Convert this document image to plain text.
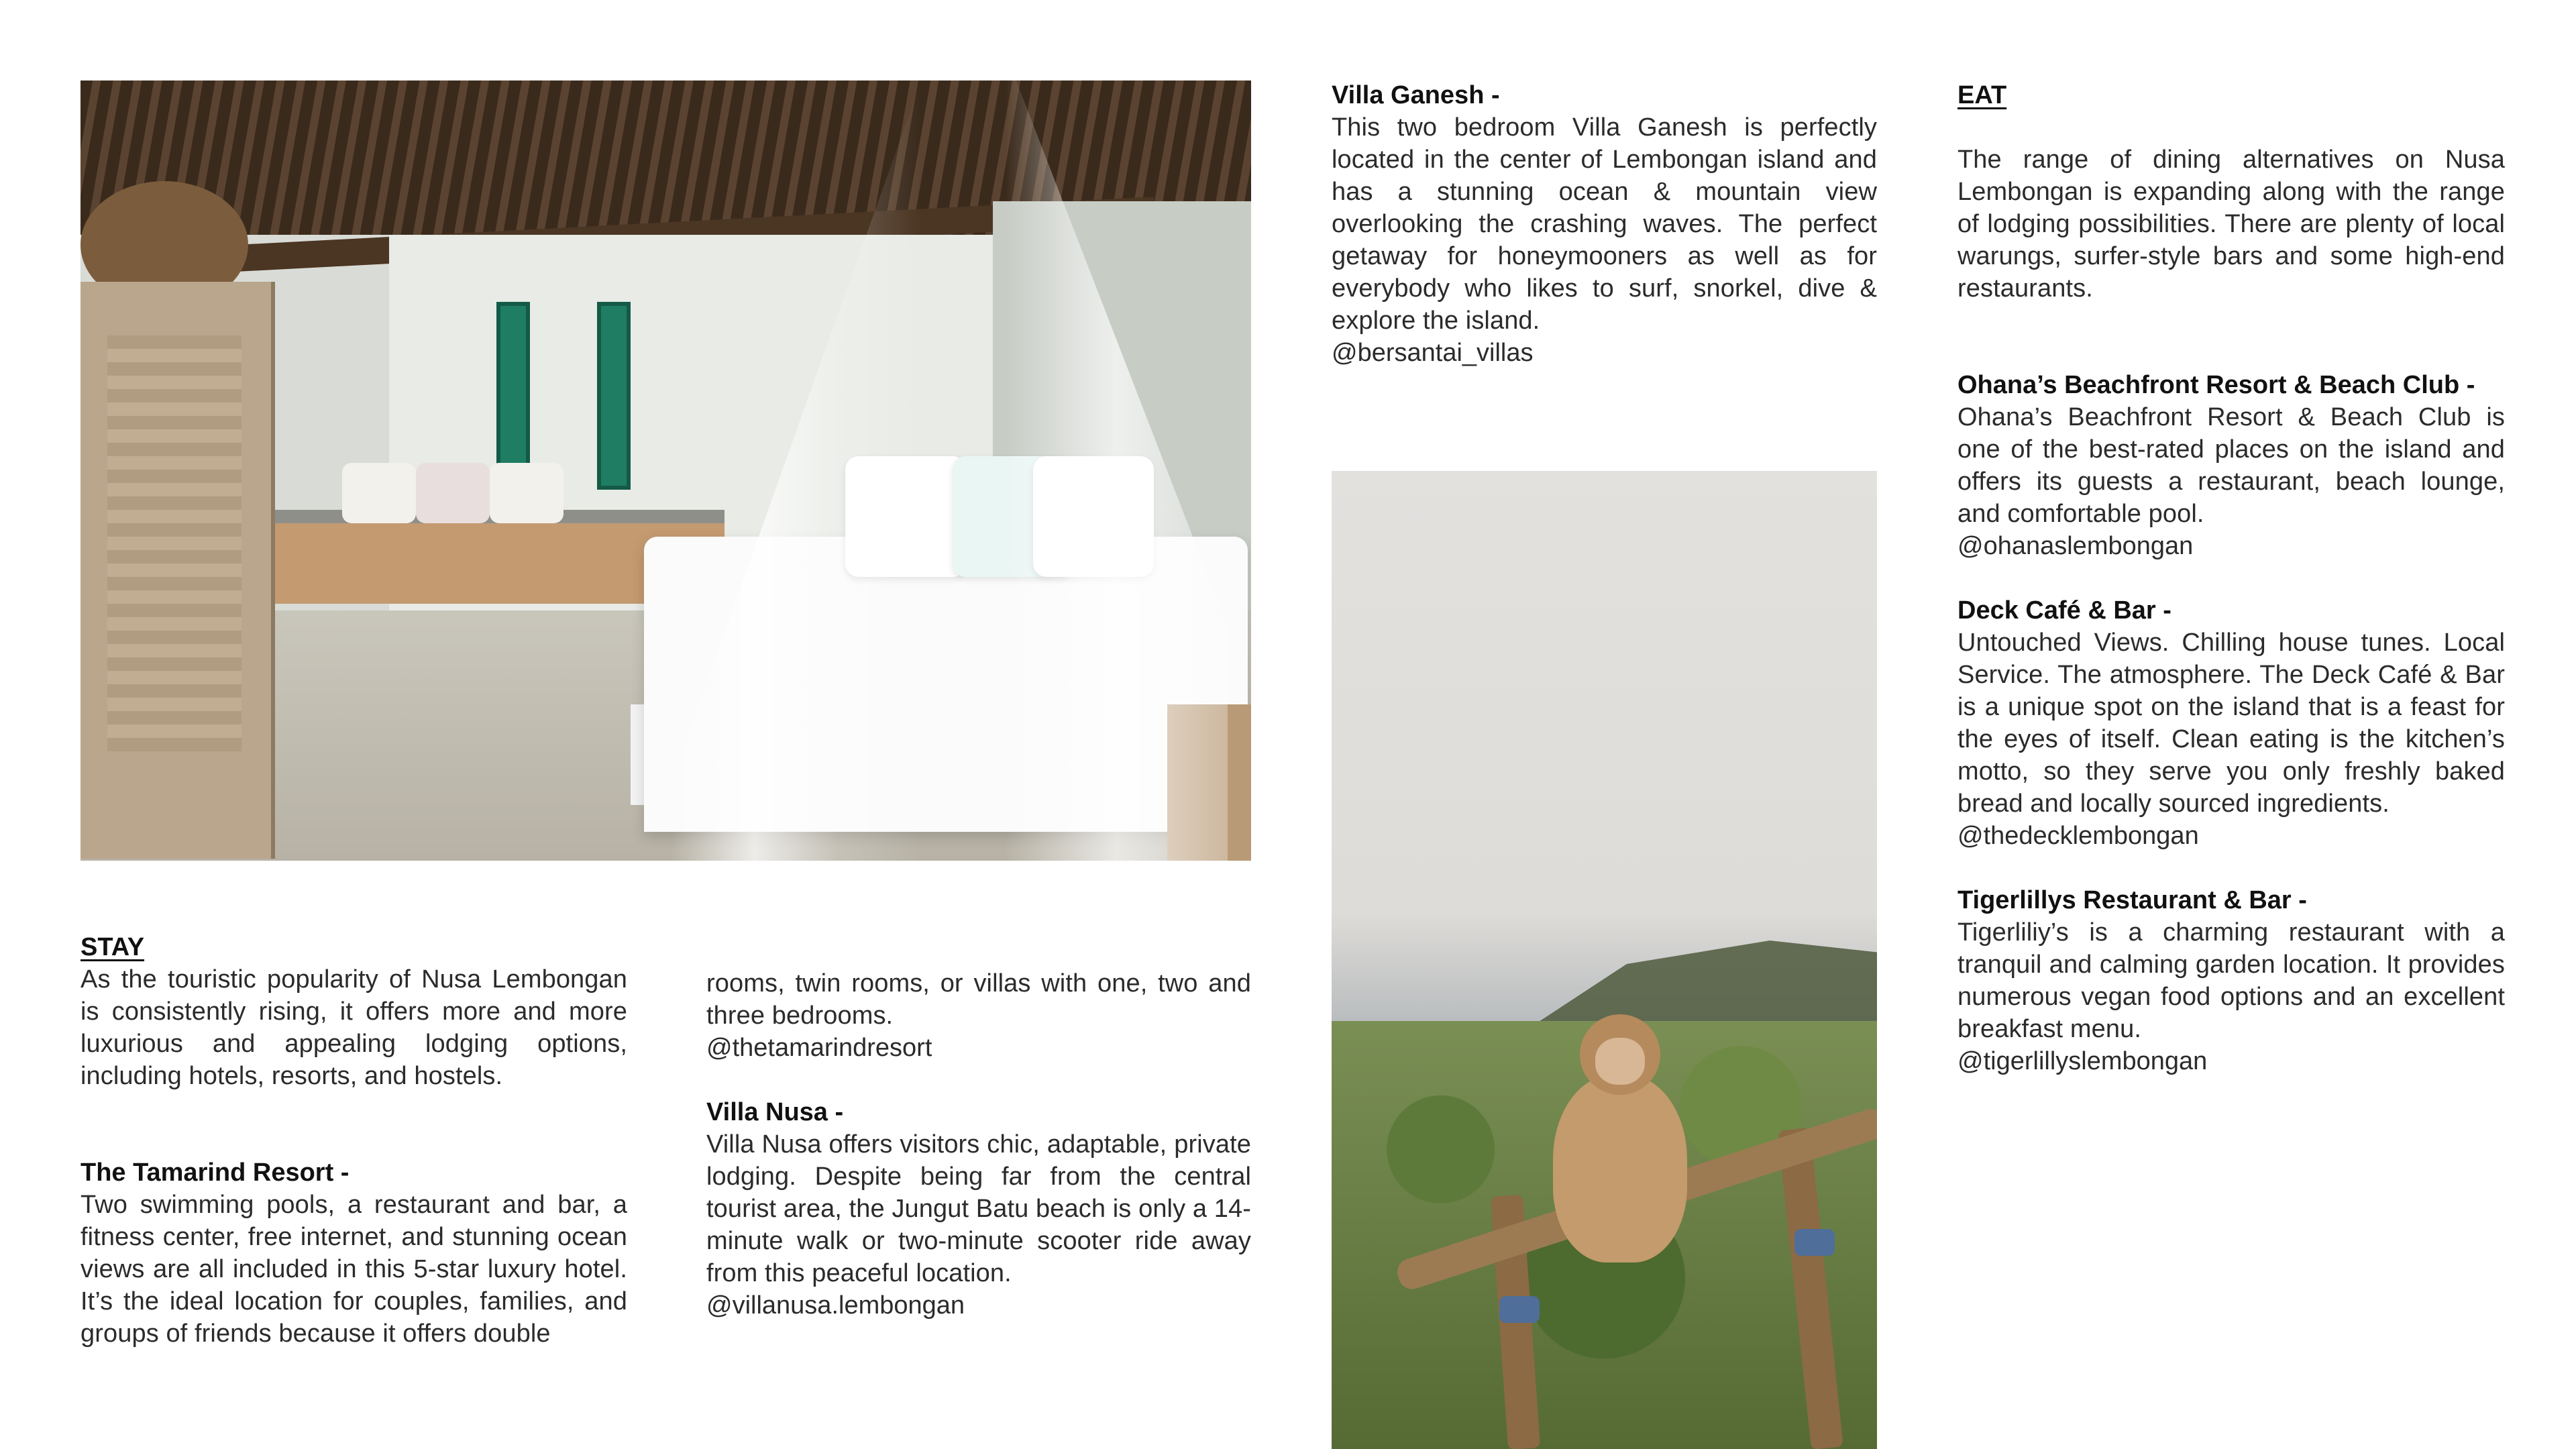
STAY

As the touristic popularity of Nusa Lembongan is consistently rising, it offers more and more luxurious and appealing lodging options, including hotels, resorts, and hostels.

The Tamarind Resort -

Two swimming pools, a restaurant and bar, a fitness center, free internet, and stunning ocean views are all included in this 5-star luxury hotel. It’s the ideal location for couples, families, and groups of friends because it offers double

rooms, twin rooms, or villas with one, two and three bedrooms.

@thetamarindresort
Villa Nusa -

Villa Nusa offers visitors chic, adaptable, private lodging. Despite being far from the central tourist area, the Jungut Batu beach is only a 14-minute walk or two-minute scooter ride away from this peaceful location.

@villanusa.lembongan
Villa Ganesh -

This two bedroom Villa Ganesh is perfectly located in the center of Lembongan island and has a stunning ocean & mountain view overlooking the crashing waves. The perfect getaway for honeymooners as well as for everybody who likes to surf, snorkel, dive & explore the island.

@bersantai_villas
EAT

The range of dining alternatives on Nusa Lembongan is expanding along with the range of lodging possibilities. There are plenty of local warungs, surfer-style bars and some high-end restaurants.

Ohana’s Beachfront Resort & Beach Club -

Ohana’s Beachfront Resort & Beach Club is one of the best-rated places on the island and offers its guests a restaurant, beach lounge, and comfortable pool.

@ohanaslembongan
Deck Café & Bar -

Untouched Views. Chilling house tunes. Local Service. The atmosphere. The Deck Café & Bar is a unique spot on the island that is a feast for the eyes of itself. Clean eating is the kitchen’s motto, so they serve you only freshly baked bread and locally sourced ingredients.

@thedecklembongan
Tigerlillys Restaurant & Bar -

Tigerliliy’s is a charming restaurant with a tranquil and calming garden location. It provides numerous vegan food options and an excellent breakfast menu.

@tigerlillyslembongan
